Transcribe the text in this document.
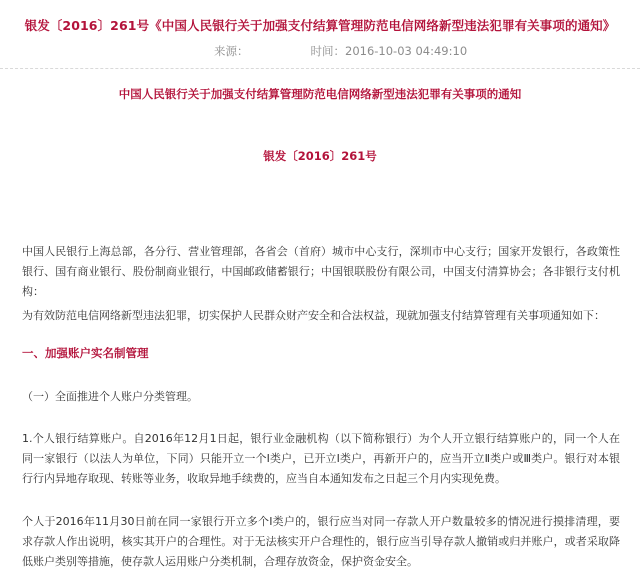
银发〔2016〕261号《中国人民银行关于加强支付结算管理防范电信网络新型违法犯罪有关事项的通知》
来源：	时间：2016-10-03 04:49:10
中国人民银行关于加强支付结算管理防范电信网络新型违法犯罪有关事项的通知
银发〔2016〕261号
中国人民银行上海总部，各分行、营业管理部，各省会（首府）城市中心支行，深圳市中心支行；国家开发银行，各政策性银行、国有商业银行、股份制商业银行，中国邮政储蓄银行；中国银联股份有限公司，中国支付清算协会；各非银行支付机构：
为有效防范电信网络新型违法犯罪，切实保护人民群众财产安全和合法权益，现就加强支付结算管理有关事项通知如下：
一、加强账户实名制管理
（一）全面推进个人账户分类管理。
1.个人银行结算账户。自2016年12月1日起，银行业金融机构（以下简称银行）为个人开立银行结算账户的，同一个人在同一家银行（以法人为单位，下同）只能开立一个Ⅰ类户，已开立Ⅰ类户，再新开户的，应当开立Ⅱ类户或Ⅲ类户。银行对本银行行内异地存取现、转账等业务，收取异地手续费的，应当自本通知发布之日起三个月内实现免费。
个人于2016年11月30日前在同一家银行开立多个Ⅰ类户的，银行应当对同一存款人开户数量较多的情况进行摸排清理，要求存款人作出说明，核实其开户的合理性。对于无法核实开户合理性的，银行应当引导存款人撤销或归并账户，或者采取降低账户类别等措施，使存款人运用账户分类机制，合理存放资金，保护资金安全。
